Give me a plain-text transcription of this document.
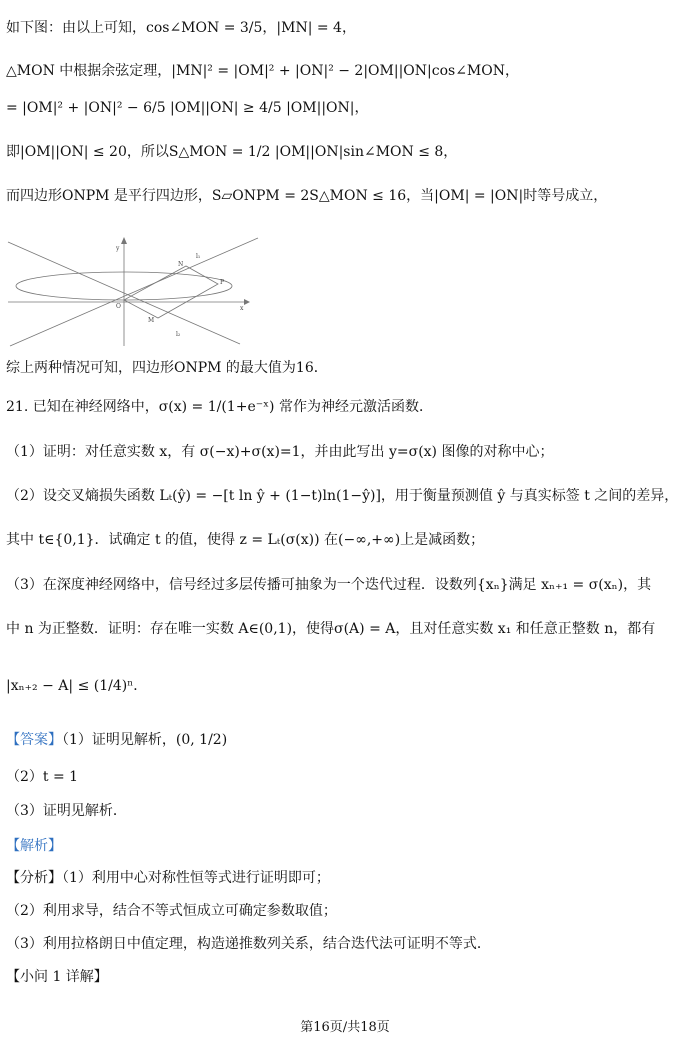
如下图：由以上可知，cos∠MON = 3/5，|MN| = 4，
△MON 中根据余弦定理，|MN|² = |OM|² + |ON|² − 2|OM||ON|cos∠MON，
= |OM|² + |ON|² − 6/5 |OM||ON| ≥ 4/5 |OM||ON|，
即|OM||ON| ≤ 20，所以S△MON = 1/2 |OM||ON|sin∠MON ≤ 8，
而四边形ONPM 是平行四边形，S▱ONPM = 2S△MON ≤ 16，当|OM| = |ON|时等号成立，
y
x
O
N
P
M
l₁
l₂
综上两种情况可知，四边形ONPM 的最大值为16．
21. 已知在神经网络中，σ(x) = 1/(1+e⁻ˣ) 常作为神经元激活函数．
（1）证明：对任意实数 x，有 σ(−x)+σ(x)=1，并由此写出 y=σ(x) 图像的对称中心；
（2）设交叉熵损失函数 Lₜ(ŷ) = −[t ln ŷ + (1−t)ln(1−ŷ)]，用于衡量预测值 ŷ 与真实标签 t 之间的差异，
其中 t∈{0,1}．试确定 t 的值，使得 z = Lₜ(σ(x)) 在(−∞,+∞)上是减函数；
（3）在深度神经网络中，信号经过多层传播可抽象为一个迭代过程．设数列{xₙ}满足 xₙ₊₁ = σ(xₙ)，其
中 n 为正整数．证明：存在唯一实数 A∈(0,1)，使得σ(A) = A，且对任意实数 x₁ 和任意正整数 n，都有
|xₙ₊₂ − A| ≤ (1/4)ⁿ．
【答案】（1）证明见解析，(0, 1/2)
（2）t = 1
（3）证明见解析．
【解析】
【分析】（1）利用中心对称性恒等式进行证明即可；
（2）利用求导，结合不等式恒成立可确定参数取值；
（3）利用拉格朗日中值定理，构造递推数列关系，结合迭代法可证明不等式．
【小问 1 详解】
第16页/共18页
